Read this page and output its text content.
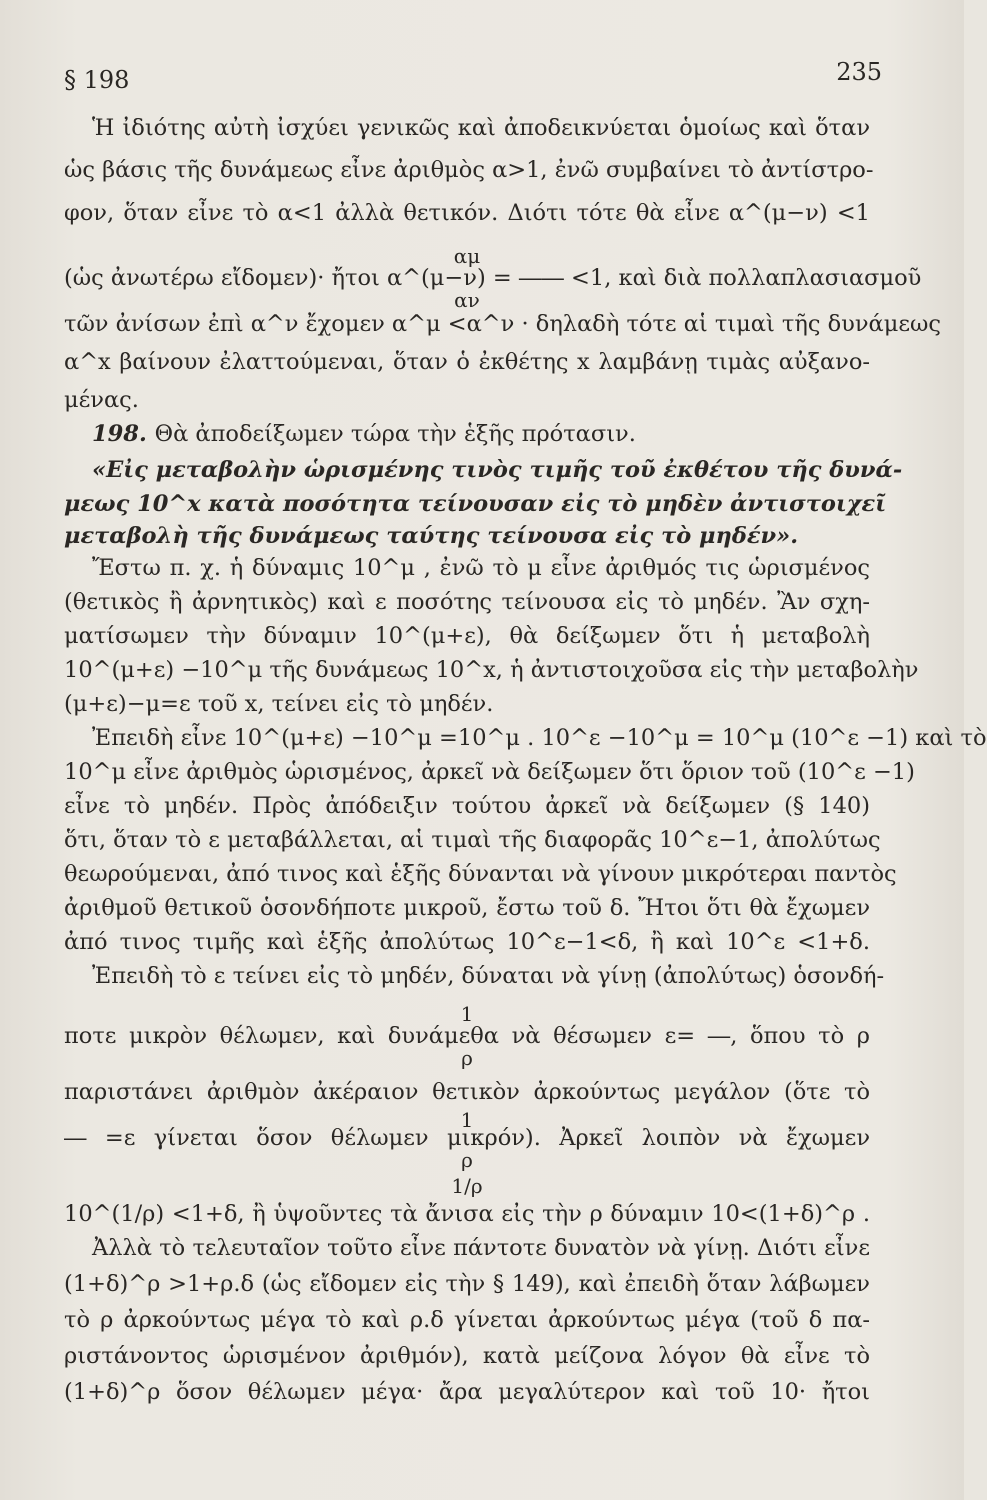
§ 198	235
Ἡ ἰδιότης αὐτὴ ἰσχύει γενικῶς καὶ ἀποδεικνύεται ὁμοίως καὶ ὅταν
ὡς βάσις τῆς δυνάμεως εἶνε ἀριθμὸς α>1, ἐνῶ συμβαίνει τὸ ἀντίστρο-
φον, ὅταν εἶνε τὸ α<1 ἀλλὰ θετικόν. Διότι τότε θὰ εἶνε α^(μ−ν) <1
αμ
(ὡς ἀνωτέρω εἴδομεν)· ἤτοι α^(μ−ν) = ―― <1, καὶ διὰ πολλαπλασιασμοῦ
αν
τῶν ἀνίσων ἐπὶ α^ν ἔχομεν α^μ <α^ν · δηλαδὴ τότε αἱ τιμαὶ τῆς δυνάμεως
α^x βαίνουν ἐλαττούμεναι, ὅταν ὁ ἐκθέτης x λαμβάνῃ τιμὰς αὐξανο-
μένας.
198. Θὰ ἀποδείξωμεν τώρα τὴν ἑξῆς πρότασιν.
«Εἰς μεταβολὴν ὡρισμένης τινὸς τιμῆς τοῦ ἐκθέτου τῆς δυνά-
μεως 10^x κατὰ ποσότητα τείνουσαν εἰς τὸ μηδὲν ἀντιστοιχεῖ
μεταβολὴ τῆς δυνάμεως ταύτης τείνουσα εἰς τὸ μηδέν».
Ἔστω π. χ. ἡ δύναμις 10^μ , ἐνῶ τὸ μ εἶνε ἀριθμός τις ὡρισμένος
(θετικὸς ἢ ἀρνητικὸς) καὶ ε ποσότης τείνουσα εἰς τὸ μηδέν. Ἂν σχη-
ματίσωμεν τὴν δύναμιν 10^(μ+ε), θὰ δείξωμεν ὅτι ἡ μεταβολὴ
10^(μ+ε) −10^μ τῆς δυνάμεως 10^x, ἡ ἀντιστοιχοῦσα εἰς τὴν μεταβολὴν
(μ+ε)−μ=ε τοῦ x, τείνει εἰς τὸ μηδέν.
Ἐπειδὴ εἶνε 10^(μ+ε) −10^μ =10^μ . 10^ε −10^μ = 10^μ (10^ε −1) καὶ τὸ
10^μ εἶνε ἀριθμὸς ὡρισμένος, ἀρκεῖ νὰ δείξωμεν ὅτι ὅριον τοῦ (10^ε −1)
εἶνε τὸ μηδέν. Πρὸς ἀπόδειξιν τούτου ἀρκεῖ νὰ δείξωμεν (§ 140)
ὅτι, ὅταν τὸ ε μεταβάλλεται, αἱ τιμαὶ τῆς διαφορᾶς 10^ε−1, ἀπολύτως
θεωρούμεναι, ἀπό τινος καὶ ἑξῆς δύνανται νὰ γίνουν μικρότεραι παντὸς
ἀριθμοῦ θετικοῦ ὁσονδήποτε μικροῦ, ἔστω τοῦ δ. Ἤτοι ὅτι θὰ ἔχωμεν
ἀπό τινος τιμῆς καὶ ἑξῆς ἀπολύτως 10^ε−1<δ, ἢ καὶ 10^ε <1+δ.
Ἐπειδὴ τὸ ε τείνει εἰς τὸ μηδέν, δύναται νὰ γίνῃ (ἀπολύτως) ὁσονδή-
1
ποτε μικρὸν θέλωμεν, καὶ δυνάμεθα νὰ θέσωμεν ε= ―, ὅπου τὸ ρ
ρ
παριστάνει ἀριθμὸν ἀκέραιον θετικὸν ἀρκούντως μεγάλον (ὅτε τὸ
1
― =ε γίνεται ὅσον θέλωμεν μικρόν). Ἀρκεῖ λοιπὸν νὰ ἔχωμεν
ρ
1/ρ
10^(1/ρ) <1+δ, ἢ ὑψοῦντες τὰ ἄνισα εἰς τὴν ρ δύναμιν 10<(1+δ)^ρ .
Ἀλλὰ τὸ τελευταῖον τοῦτο εἶνε πάντοτε δυνατὸν νὰ γίνῃ. Διότι εἶνε
(1+δ)^ρ >1+ρ.δ (ὡς εἴδομεν εἰς τὴν § 149), καὶ ἐπειδὴ ὅταν λάβωμεν
τὸ ρ ἀρκούντως μέγα τὸ καὶ ρ.δ γίνεται ἀρκούντως μέγα (τοῦ δ πα-
ριστάνοντος ὡρισμένον ἀριθμόν), κατὰ μείζονα λόγον θὰ εἶνε τὸ
(1+δ)^ρ ὅσον θέλωμεν μέγα· ἄρα μεγαλύτερον καὶ τοῦ 10· ἤτοι
